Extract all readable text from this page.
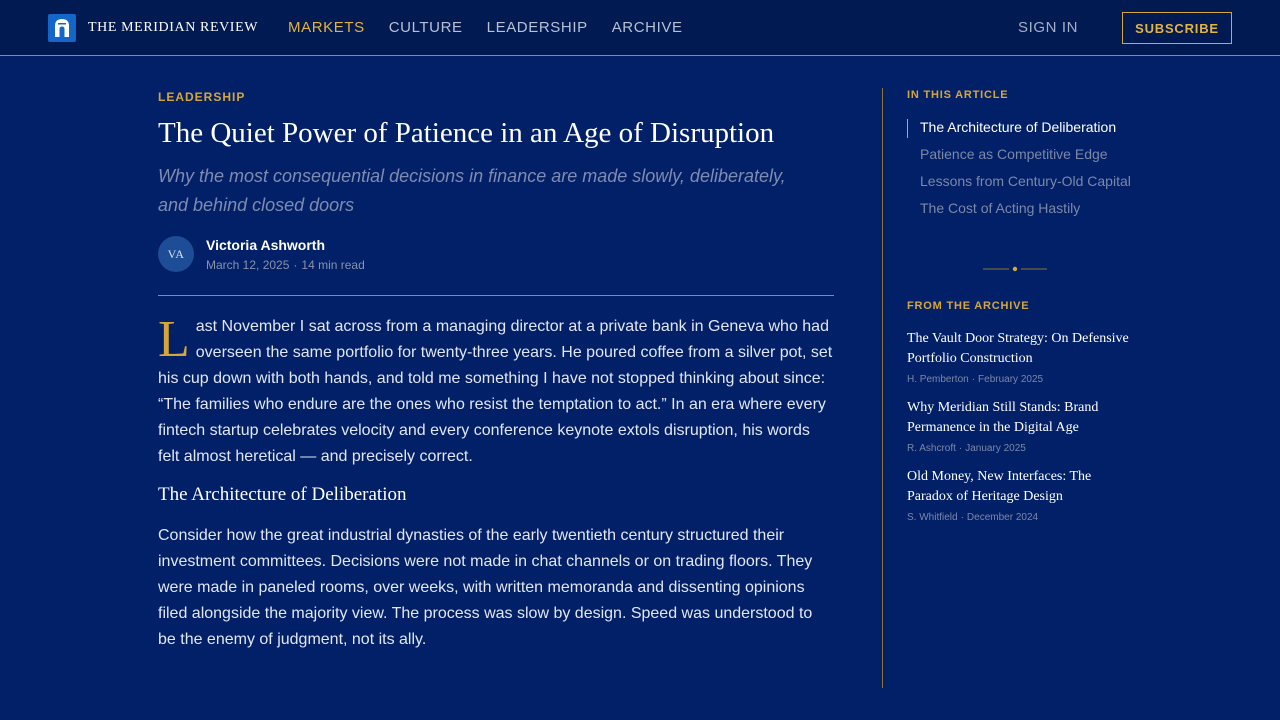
THE MERIDIAN REVIEW MARKETS CULTURE LEADERSHIP ARCHIVE	SIGN IN	SUBSCRIBE
LEADERSHIP
The Quiet Power of Patience in an Age of Disruption

Why the most consequential decisions in finance are made slowly, deliberately, and behind closed doors

VA
Victoria Ashworth
March 12, 2025 · 14 min read

Last November I sat across from a managing director at a private bank in Geneva who had overseen the same portfolio for twenty-three years. He poured coffee from a silver pot, set his cup down with both hands, and told me something I have not stopped thinking about since: “The families who endure are the ones who resist the temptation to act.” In an era where every fintech startup celebrates velocity and every conference keynote extols disruption, his words felt almost heretical — and precisely correct.

The Architecture of Deliberation

Consider how the great industrial dynasties of the early twentieth century structured their investment committees. Decisions were not made in chat channels or on trading floors. They were made in paneled rooms, over weeks, with written memoranda and dissenting opinions filed alongside the majority view. The process was slow by design. Speed was understood to be the enemy of judgment, not its ally.

IN THIS ARTICLE
The Architecture of Deliberation
Patience as Competitive Edge
Lessons from Century-Old Capital
The Cost of Acting Hastily
FROM THE ARCHIVE
The Vault Door Strategy: On Defensive Portfolio Construction
H. Pemberton · February 2025
Why Meridian Still Stands: Brand Permanence in the Digital Age
R. Ashcroft · January 2025
Old Money, New Interfaces: The Paradox of Heritage Design
S. Whitfield · December 2024
